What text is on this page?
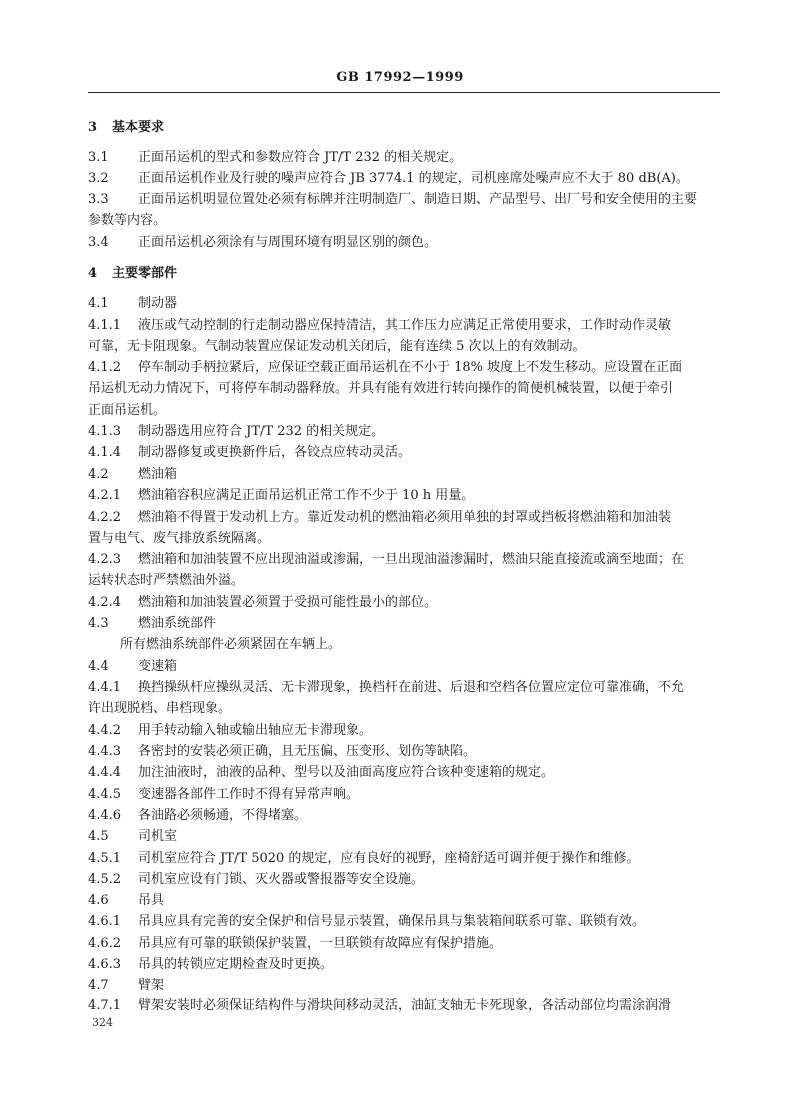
GB 17992—1999
3 基本要求
3.1 正面吊运机的型式和参数应符合 JT/T 232 的相关规定。
3.2 正面吊运机作业及行驶的噪声应符合 JB 3774.1 的规定，司机座席处噪声应不大于 80 dB(A)。
3.3 正面吊运机明显位置处必须有标牌并注明制造厂、制造日期、产品型号、出厂号和安全使用的主要
参数等内容。
3.4 正面吊运机必须涂有与周围环境有明显区别的颜色。
4 主要零部件
4.1 制动器
4.1.1 液压或气动控制的行走制动器应保持清洁，其工作压力应满足正常使用要求，工作时动作灵敏
可靠，无卡阻现象。气制动装置应保证发动机关闭后，能有连续 5 次以上的有效制动。
4.1.2 停车制动手柄拉紧后，应保证空载正面吊运机在不小于 18% 坡度上不发生移动。应设置在正面
吊运机无动力情况下，可将停车制动器释放。并具有能有效进行转向操作的简便机械装置，以便于牵引
正面吊运机。
4.1.3 制动器选用应符合 JT/T 232 的相关规定。
4.1.4 制动器修复或更换新件后，各铰点应转动灵活。
4.2 燃油箱
4.2.1 燃油箱容积应满足正面吊运机正常工作不少于 10 h 用量。
4.2.2 燃油箱不得置于发动机上方。靠近发动机的燃油箱必须用单独的封罩或挡板将燃油箱和加油装
置与电气、废气排放系统隔离。
4.2.3 燃油箱和加油装置不应出现油溢或渗漏，一旦出现油溢渗漏时，燃油只能直接流或滴至地面；在
运转状态时严禁燃油外溢。
4.2.4 燃油箱和加油装置必须置于受损可能性最小的部位。
4.3 燃油系统部件
所有燃油系统部件必须紧固在车辆上。
4.4 变速箱
4.4.1 换挡操纵杆应操纵灵活、无卡滞现象，换档杆在前进、后退和空档各位置应定位可靠准确，不允
许出现脱档、串档现象。
4.4.2 用手转动输入轴或输出轴应无卡滞现象。
4.4.3 各密封的安装必须正确，且无压偏、压变形、划伤等缺陷。
4.4.4 加注油液时，油液的品种、型号以及油面高度应符合该种变速箱的规定。
4.4.5 变速器各部件工作时不得有异常声响。
4.4.6 各油路必须畅通，不得堵塞。
4.5 司机室
4.5.1 司机室应符合 JT/T 5020 的规定，应有良好的视野，座椅舒适可调并便于操作和维修。
4.5.2 司机室应设有门锁、灭火器或警报器等安全设施。
4.6 吊具
4.6.1 吊具应具有完善的安全保护和信号显示装置，确保吊具与集装箱间联系可靠、联锁有效。
4.6.2 吊具应有可靠的联锁保护装置，一旦联锁有故障应有保护措施。
4.6.3 吊具的转锁应定期检查及时更换。
4.7 臂架
4.7.1 臂架安装时必须保证结构件与滑块间移动灵活，油缸支轴无卡死现象，各活动部位均需涂润滑
324
